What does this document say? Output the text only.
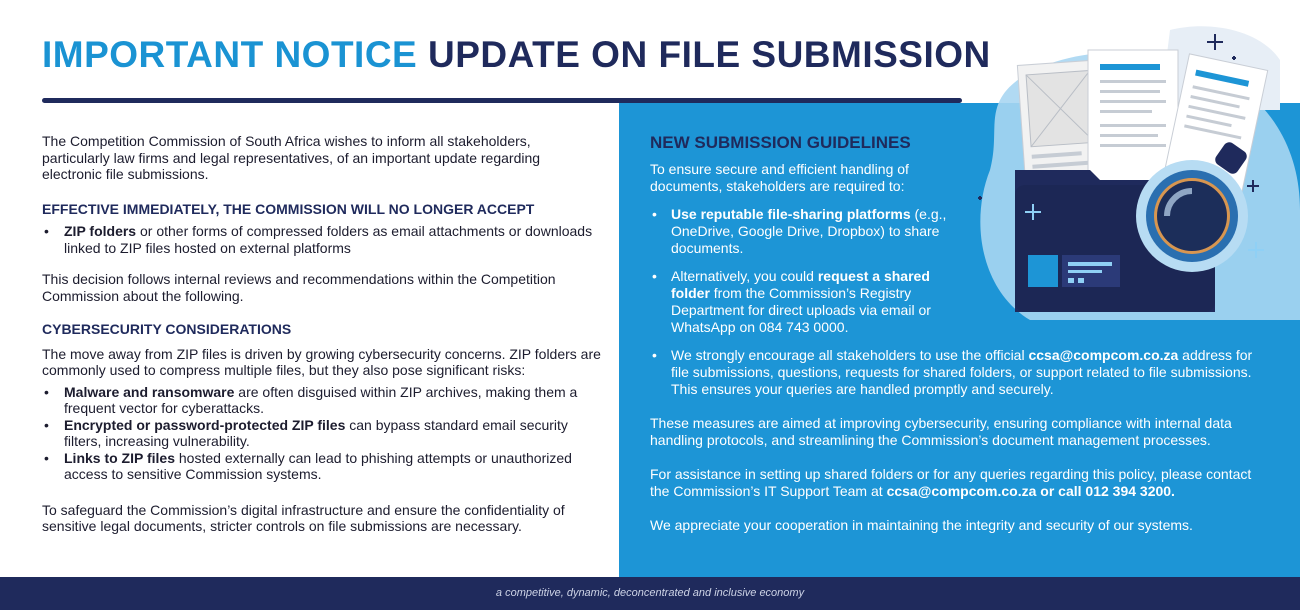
IMPORTANT NOTICE UPDATE ON FILE SUBMISSION

The Competition Commission of South Africa wishes to inform all stakeholders, particularly law firms and legal representatives, of an important update regarding electronic file submissions.

EFFECTIVE IMMEDIATELY, THE COMMISSION WILL NO LONGER ACCEPT
• ZIP folders or other forms of compressed folders as email attachments or downloads linked to ZIP files hosted on external platforms

This decision follows internal reviews and recommendations within the Competition Commission about the following.

CYBERSECURITY CONSIDERATIONS

The move away from ZIP files is driven by growing cybersecurity concerns. ZIP folders are commonly used to compress multiple files, but they also pose significant risks:

• Malware and ransomware are often disguised within ZIP archives, making them a frequent vector for cyberattacks.
• Encrypted or password-protected ZIP files can bypass standard email security filters, increasing vulnerability.
• Links to ZIP files hosted externally can lead to phishing attempts or unauthorized access to sensitive Commission systems.

To safeguard the Commission’s digital infrastructure and ensure the confidentiality of sensitive legal documents, stricter controls on file submissions are necessary.

NEW SUBMISSION GUIDELINES

To ensure secure and efficient handling of documents, stakeholders are required to:

• Use reputable file-sharing platforms (e.g., OneDrive, Google Drive, Dropbox) to share documents.
• Alternatively, you could request a shared folder from the Commission’s Registry Department for direct uploads via email or WhatsApp on 084 743 0000.
• We strongly encourage all stakeholders to use the official ccsa@compcom.co.za address for file submissions, questions, requests for shared folders, or support related to file submissions. This ensures your queries are handled promptly and securely.

These measures are aimed at improving cybersecurity, ensuring compliance with internal data handling protocols, and streamlining the Commission’s document management processes.

For assistance in setting up shared folders or for any queries regarding this policy, please contact the Commission’s IT Support Team at ccsa@compcom.co.za or call 012 394 3200.

We appreciate your cooperation in maintaining the integrity and security of our systems.

a competitive, dynamic, deconcentrated and inclusive economy
